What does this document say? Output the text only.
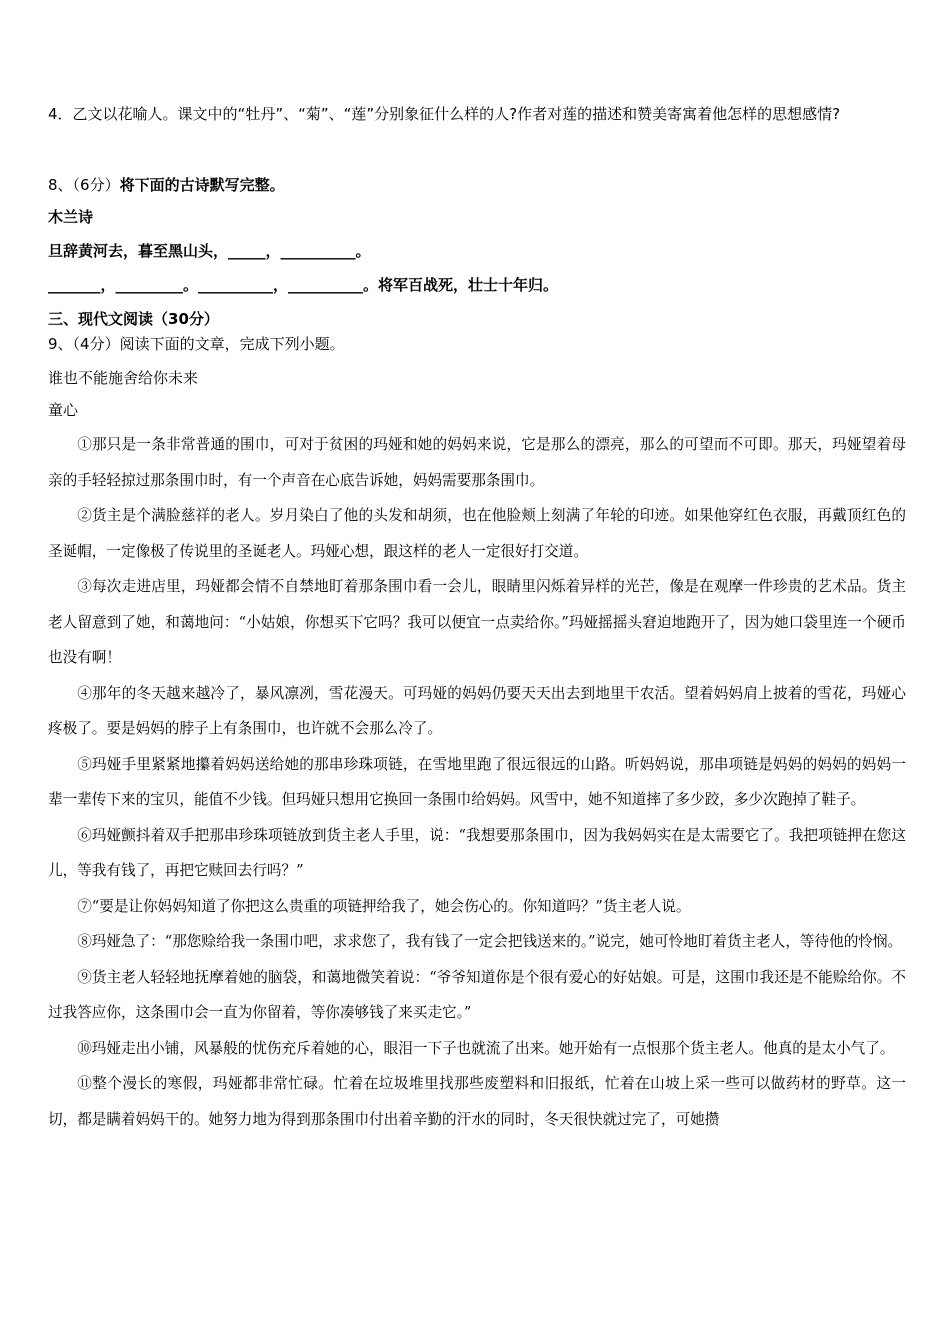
4．乙文以花喻人。课文中的“牡丹”、“菊”、“莲”分别象征什么样的人?作者对莲的描述和赞美寄寓着他怎样的思想感情?
8、（6分）将下面的古诗默写完整。
木兰诗
旦辞黄河去，暮至黑山头，_____，__________。
_______，_________。__________，__________。将军百战死，壮士十年归。
三、现代文阅读（30分）
9、（4分）阅读下面的文章，完成下列小题。
谁也不能施舍给你未来
童心

①那只是一条非常普通的围巾，可对于贫困的玛娅和她的妈妈来说，它是那么的漂亮，那么的可望而不可即。那天，玛娅望着母亲的手轻轻掠过那条围巾时，有一个声音在心底告诉她，妈妈需要那条围巾。

②货主是个满脸慈祥的老人。岁月染白了他的头发和胡须，也在他脸颊上刻满了年轮的印迹。如果他穿红色衣服，再戴顶红色的圣诞帽，一定像极了传说里的圣诞老人。玛娅心想，跟这样的老人一定很好打交道。

③每次走进店里，玛娅都会情不自禁地盯着那条围巾看一会儿，眼睛里闪烁着异样的光芒，像是在观摩一件珍贵的艺术品。货主老人留意到了她，和蔼地问：“小姑娘，你想买下它吗？我可以便宜一点卖给你。”玛娅摇摇头窘迫地跑开了，因为她口袋里连一个硬币也没有啊！

④那年的冬天越来越冷了，暴风凛冽，雪花漫天。可玛娅的妈妈仍要天天出去到地里干农活。望着妈妈肩上披着的雪花，玛娅心疼极了。要是妈妈的脖子上有条围巾，也许就不会那么冷了。

⑤玛娅手里紧紧地攥着妈妈送给她的那串珍珠项链，在雪地里跑了很远很远的山路。听妈妈说，那串项链是妈妈的妈妈的妈妈一辈一辈传下来的宝贝，能值不少钱。但玛娅只想用它换回一条围巾给妈妈。风雪中，她不知道摔了多少跤，多少次跑掉了鞋子。

⑥玛娅颤抖着双手把那串珍珠项链放到货主老人手里，说：“我想要那条围巾，因为我妈妈实在是太需要它了。我把项链押在您这儿，等我有钱了，再把它赎回去行吗？”

⑦“要是让你妈妈知道了你把这么贵重的项链押给我了，她会伤心的。你知道吗？”货主老人说。

⑧玛娅急了：“那您赊给我一条围巾吧，求求您了，我有钱了一定会把钱送来的。”说完，她可怜地盯着货主老人，等待他的怜悯。

⑨货主老人轻轻地抚摩着她的脑袋，和蔼地微笑着说：“爷爷知道你是个很有爱心的好姑娘。可是，这围巾我还是不能赊给你。不过我答应你，这条围巾会一直为你留着，等你凑够钱了来买走它。”

⑩玛娅走出小铺，风暴般的忧伤充斥着她的心，眼泪一下子也就流了出来。她开始有一点恨那个货主老人。他真的是太小气了。

⑪整个漫长的寒假，玛娅都非常忙碌。忙着在垃圾堆里找那些废塑料和旧报纸，忙着在山坡上采一些可以做药材的野草。这一切，都是瞒着妈妈干的。她努力地为得到那条围巾付出着辛勤的汗水的同时，冬天很快就过完了，可她攒
